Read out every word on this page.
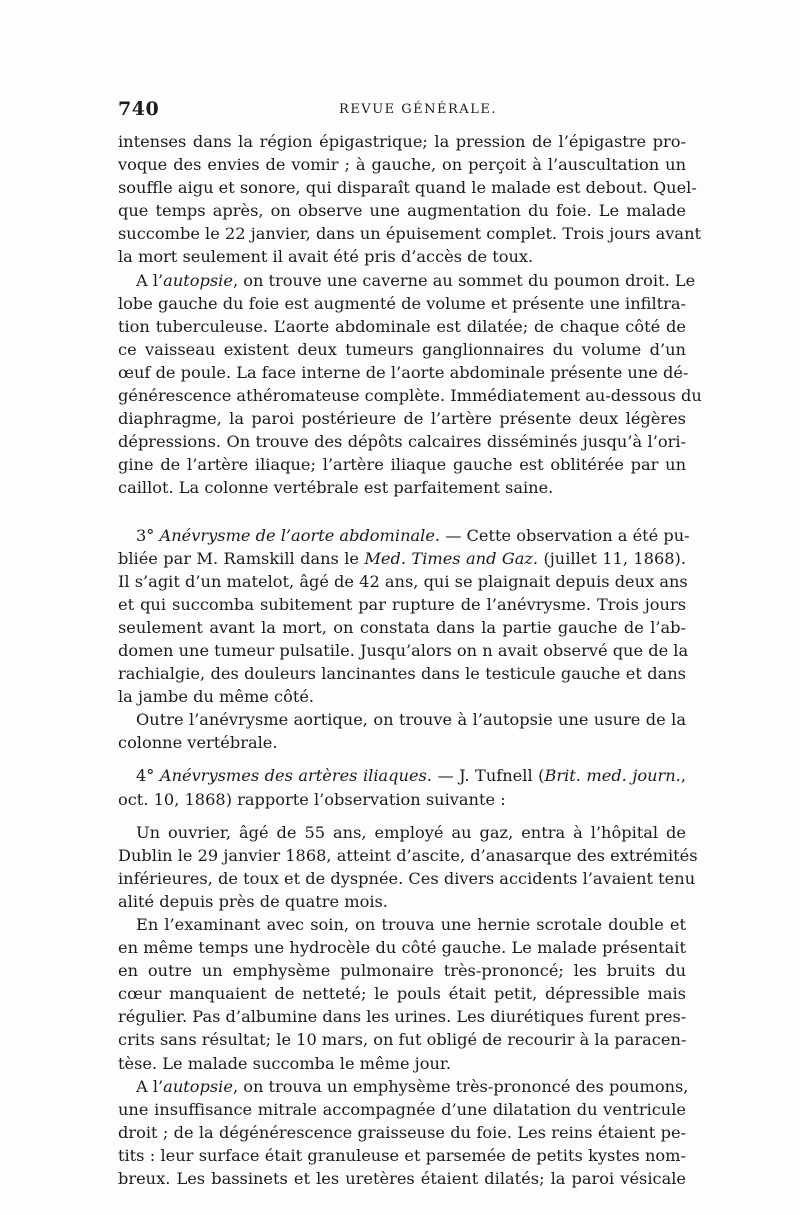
740	REVUE GÉNÉRALE.

intenses dans la région épigastrique; la pression de l’épigastre pro-
voque des envies de vomir ; à gauche, on perçoit à l’auscultation un
souffle aigu et sonore, qui disparaît quand le malade est debout. Quel-
que temps après, on observe une augmentation du foie. Le malade
succombe le 22 janvier, dans un épuisement complet. Trois jours avant
la mort seulement il avait été pris d’accès de toux.

A l’autopsie, on trouve une caverne au sommet du poumon droit. Le
lobe gauche du foie est augmenté de volume et présente une infiltra-
tion tuberculeuse. L’aorte abdominale est dilatée; de chaque côté de
ce vaisseau existent deux tumeurs ganglionnaires du volume d’un
œuf de poule. La face interne de l’aorte abdominale présente une dé-
générescence athéromateuse complète. Immédiatement au-dessous du
diaphragme, la paroi postérieure de l’artère présente deux légères
dépressions. On trouve des dépôts calcaires disséminés jusqu’à l’ori-
gine de l’artère iliaque; l’artère iliaque gauche est oblitérée par un
caillot. La colonne vertébrale est parfaitement saine.

3° Anévrysme de l’aorte abdominale. — Cette observation a été pu-
bliée par M. Ramskill dans le Med. Times and Gaz. (juillet 11, 1868).
Il s’agit d’un matelot, âgé de 42 ans, qui se plaignait depuis deux ans
et qui succomba subitement par rupture de l’anévrysme. Trois jours
seulement avant la mort, on constata dans la partie gauche de l’ab-
domen une tumeur pulsatile. Jusqu’alors on n avait observé que de la
rachialgie, des douleurs lancinantes dans le testicule gauche et dans
la jambe du même côté.

Outre l’anévrysme aortique, on trouve à l’autopsie une usure de la
colonne vertébrale.

4° Anévrysmes des artères iliaques. — J. Tufnell (Brit. med. journ.,
oct. 10, 1868) rapporte l’observation suivante :

Un ouvrier, âgé de 55 ans, employé au gaz, entra à l’hôpital de
Dublin le 29 janvier 1868, atteint d’ascite, d’anasarque des extrémités
inférieures, de toux et de dyspnée. Ces divers accidents l’avaient tenu
alité depuis près de quatre mois.

En l’examinant avec soin, on trouva une hernie scrotale double et
en même temps une hydrocèle du côté gauche. Le malade présentait
en outre un emphysème pulmonaire très-prononcé; les bruits du
cœur manquaient de netteté; le pouls était petit, dépressible mais
régulier. Pas d’albumine dans les urines. Les diurétiques furent pres-
crits sans résultat; le 10 mars, on fut obligé de recourir à la paracen-
tèse. Le malade succomba le même jour.

A l’autopsie, on trouva un emphysème très-prononcé des poumons,
une insuffisance mitrale accompagnée d’une dilatation du ventricule
droit ; de la dégénérescence graisseuse du foie. Les reins étaient pe-
tits : leur surface était granuleuse et parsemée de petits kystes nom-
breux. Les bassinets et les uretères étaient dilatés; la paroi vésicale
